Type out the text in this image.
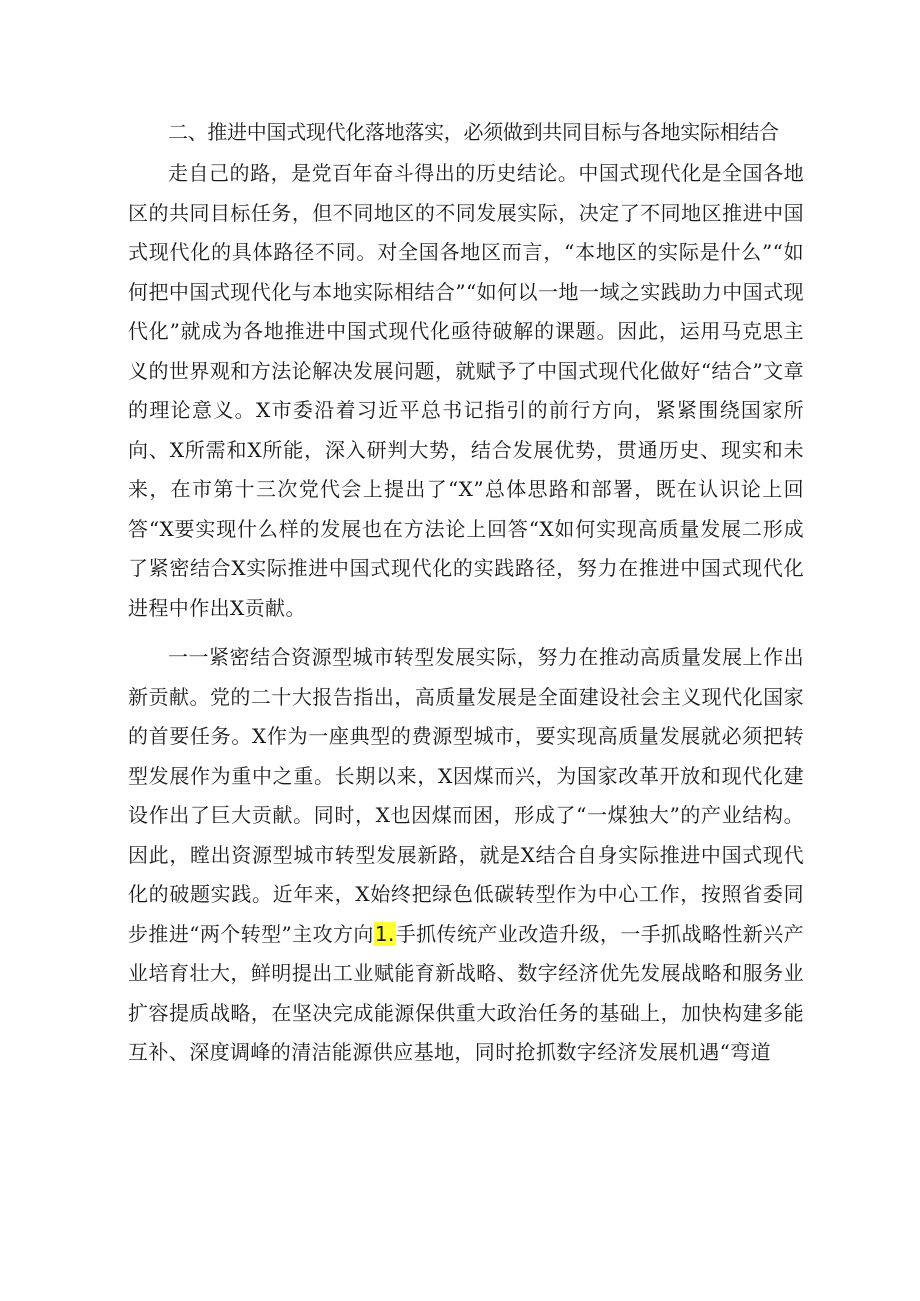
二、推进中国式现代化落地落实，必须做到共同目标与各地实际相结合

走自己的路，是党百年奋斗得出的历史结论。中国式现代化是全国各地区的共同目标任务，但不同地区的不同发展实际，决定了不同地区推进中国式现代化的具体路径不同。对全国各地区而言，“本地区的实际是什么”“如何把中国式现代化与本地实际相结合”“如何以一地一域之实践助力中国式现代化”就成为各地推进中国式现代化亟待破解的课题。因此，运用马克思主义的世界观和方法论解决发展问题，就赋予了中国式现代化做好“结合”文章的理论意义。X市委沿着习近平总书记指引的前行方向，紧紧围绕国家所向、X所需和X所能，深入研判大势，结合发展优势，贯通历史、现实和未来，在市第十三次党代会上提出了“X”总体思路和部署，既在认识论上回答“X要实现什么样的发展也在方法论上回答“X如何实现高质量发展二形成了紧密结合X实际推进中国式现代化的实践路径，努力在推进中国式现代化进程中作出X贡献。

一一紧密结合资源型城市转型发展实际，努力在推动高质量发展上作出新贡献。党的二十大报告指出，高质量发展是全面建设社会主义现代化国家的首要任务。X作为一座典型的费源型城市，要实现高质量发展就必须把转型发展作为重中之重。长期以来，X因煤而兴，为国家改革开放和现代化建设作出了巨大贡献。同时，X也因煤而困，形成了“一煤独大”的产业结构。因此，瞠出资源型城市转型发展新路，就是X结合自身实际推进中国式现代化的破题实践。近年来，X始终把绿色低碳转型作为中心工作，按照省委同步推进“两个转型”主攻方向1.手抓传统产业改造升级，一手抓战略性新兴产业培育壮大，鲜明提出工业赋能育新战略、数字经济优先发展战略和服务业扩容提质战略，在坚决完成能源保供重大政治任务的基础上，加快构建多能互补、深度调峰的清洁能源供应基地，同时抢抓数字经济发展机遇“弯道
